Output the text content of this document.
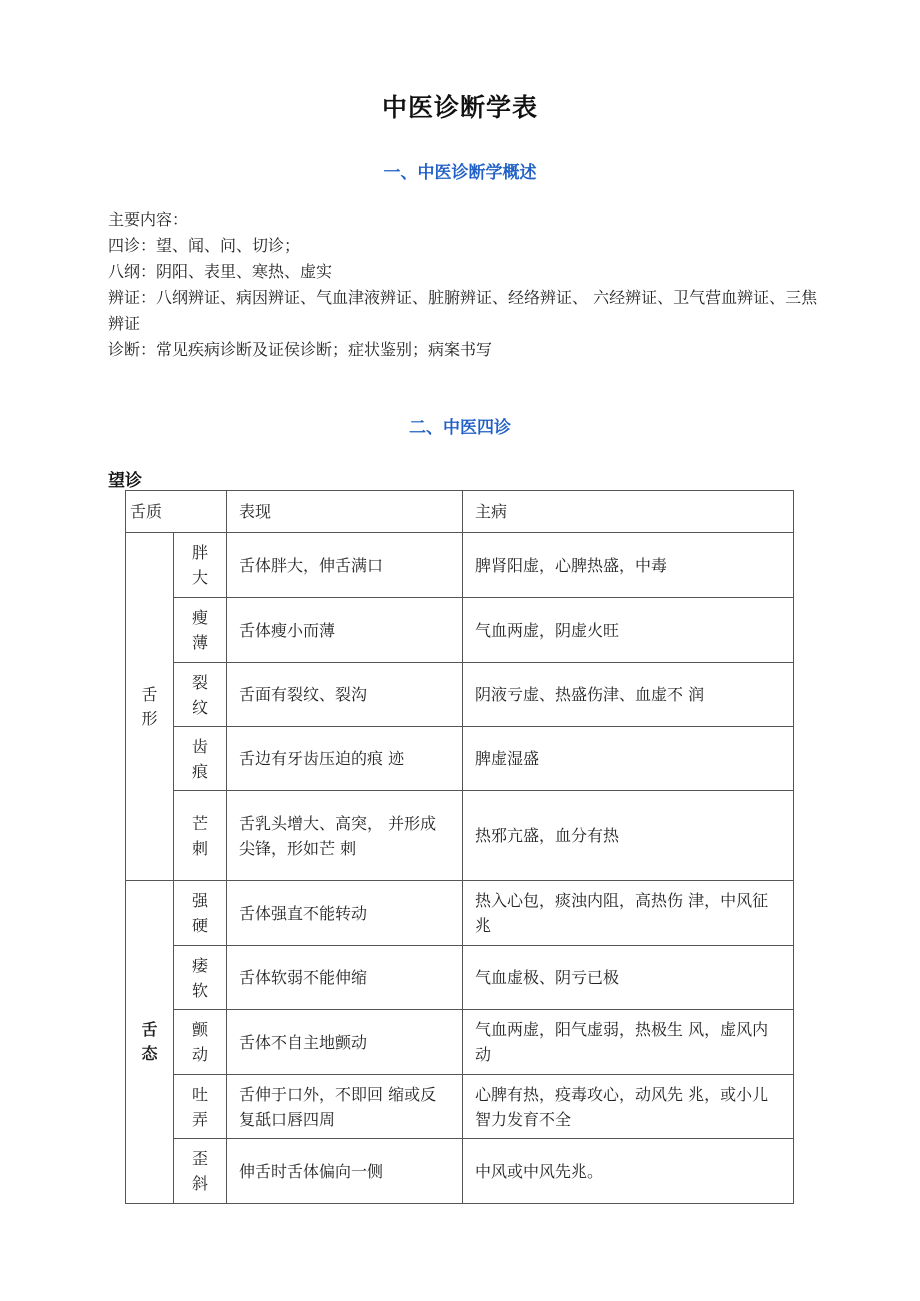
中医诊断学表
一、中医诊断学概述
主要内容：
四诊：望、闻、问、切诊；
八纲：阴阳、表里、寒热、虚实
辨证：八纲辨证、病因辨证、气血津液辨证、脏腑辨证、经络辨证、 六经辨证、卫气营血辨证、三焦辨证
诊断：常见疾病诊断及证侯诊断；症状鉴别；病案书写
二、中医四诊
望诊
舌质		表现	主病
舌形	胖大	舌体胖大，伸舌满口	脾肾阳虚，心脾热盛，中毒
	瘦薄	舌体瘦小而薄	气血两虚，阴虚火旺
	裂纹	舌面有裂纹、裂沟	阴液亏虚、热盛伤津、血虚不 润
	齿痕	舌边有牙齿压迫的痕 迹	脾虚湿盛
	芒刺	舌乳头增大、高突， 并形成尖锋，形如芒 刺	热邪亢盛，血分有热
舌态	强硬	舌体强直不能转动	热入心包，痰浊内阻，高热伤 津，中风征兆
	痿软	舌体软弱不能伸缩	气血虚极、阴亏已极
	颤动	舌体不自主地颤动	气血两虚，阳气虚弱，热极生 风，虚风内动
	吐弄	舌伸于口外，不即回 缩或反复舐口唇四周	心脾有热，疫毒攻心，动风先 兆，或小儿智力发育不全
	歪斜	伸舌时舌体偏向一侧	中风或中风先兆。
